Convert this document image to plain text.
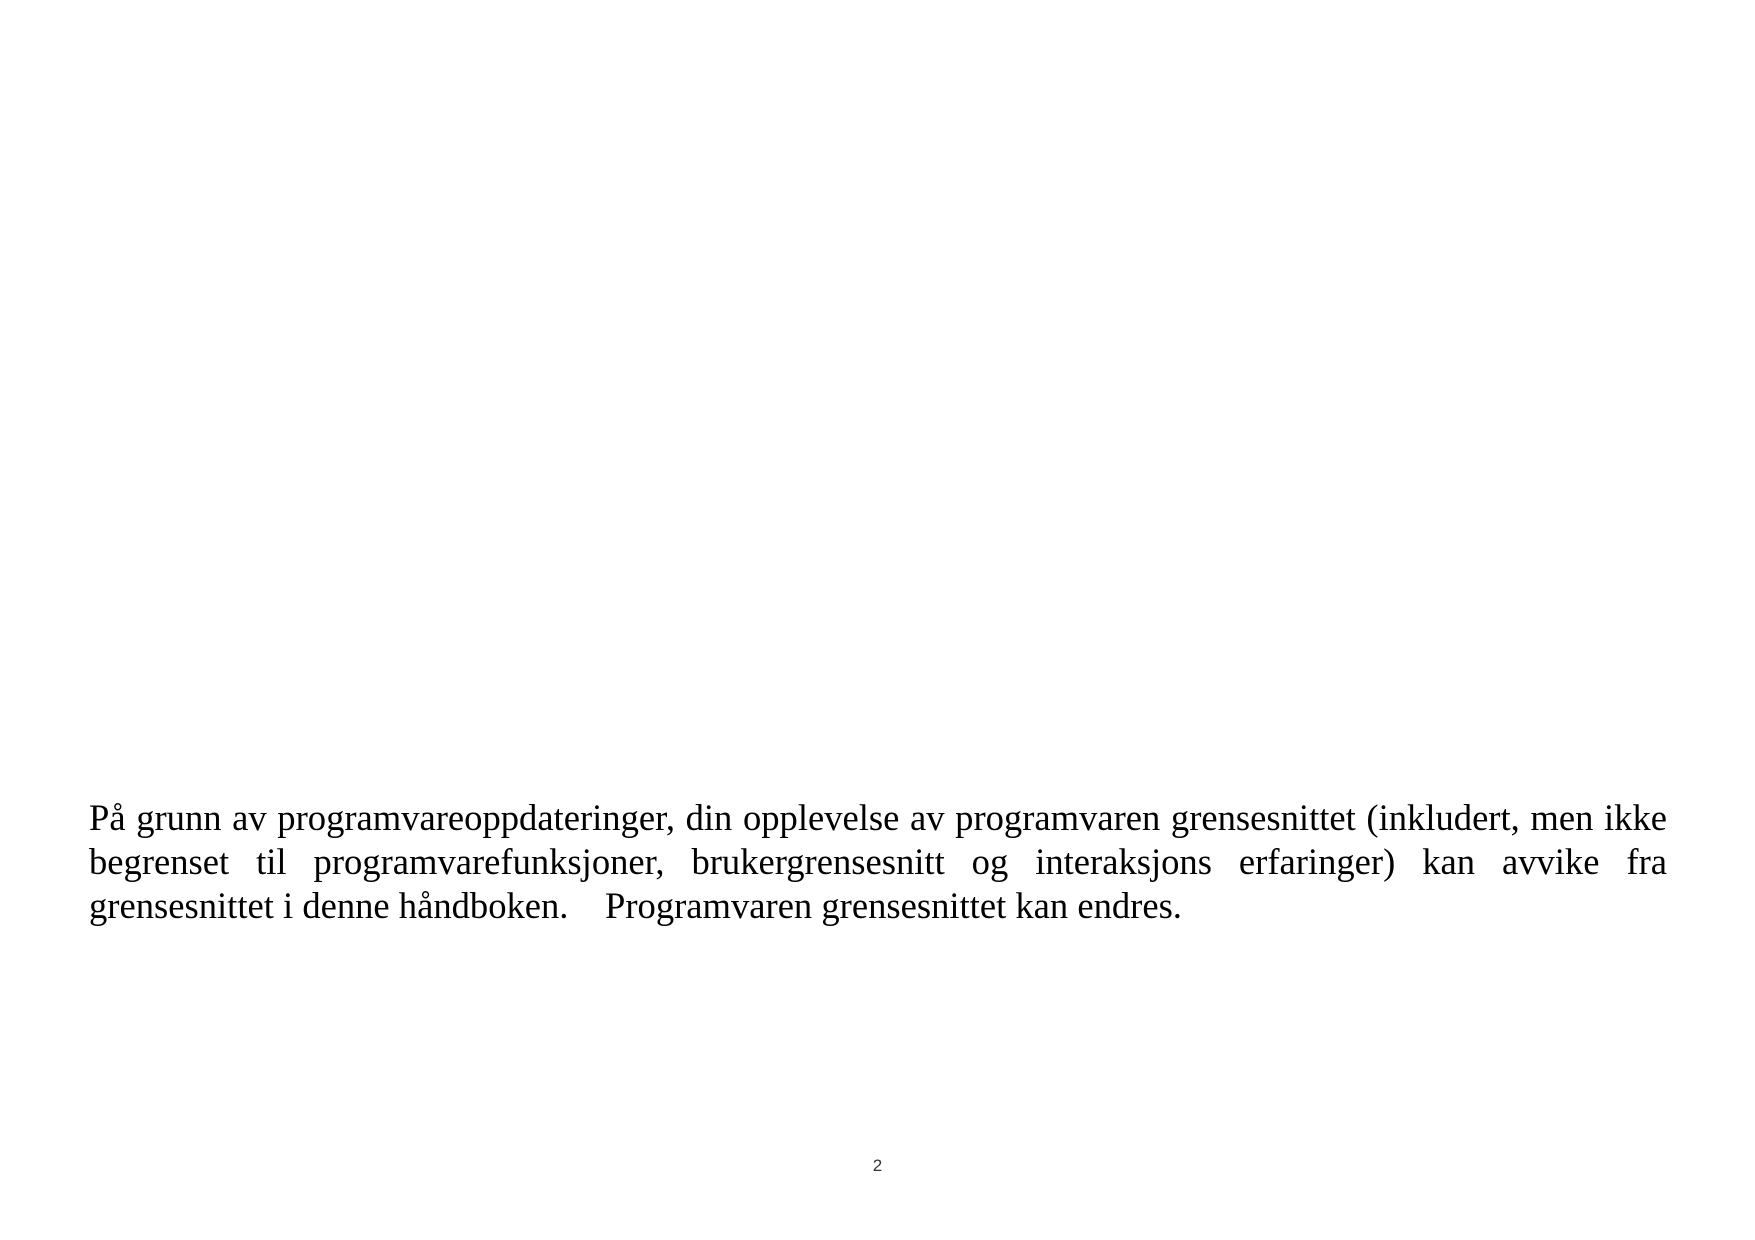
På grunn av programvareoppdateringer, din opplevelse av programvaren grensesnittet (inkludert, men ikke begrenset til programvarefunksjoner, brukergrensesnitt og interaksjons erfaringer) kan avvike fra grensesnittet i denne håndboken.    Programvaren grensesnittet kan endres.

2
